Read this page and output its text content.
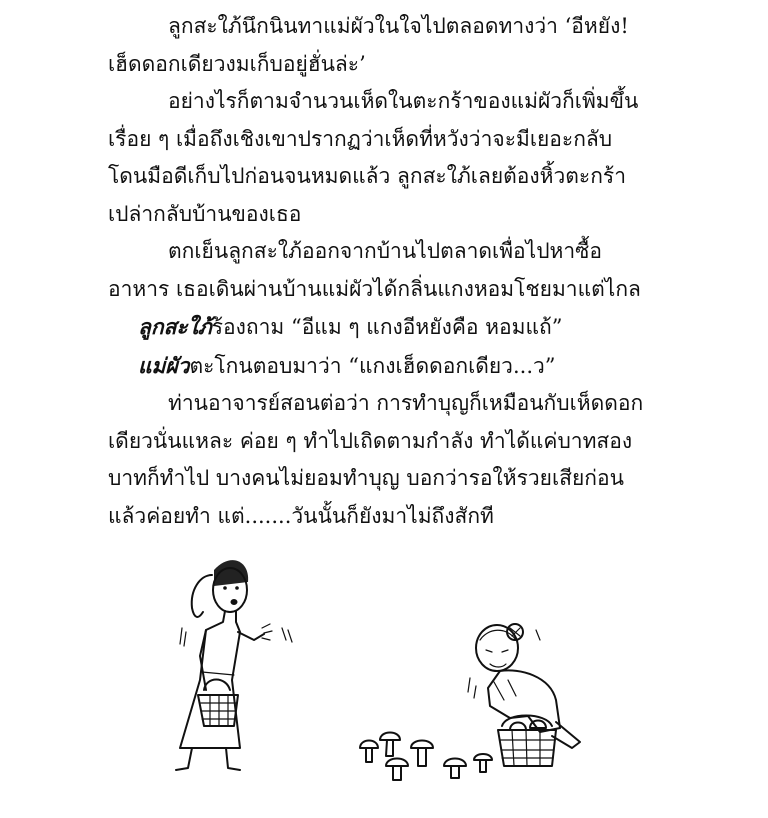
ลูกสะใภ้นึกนินทาแม่ผัวในใจไปตลอดทางว่า ‘อีหยัง!
เฮ็ดดอกเดียวงมเก็บอยู่ฮั่นล่ะ’

อย่างไรก็ตามจำนวนเห็ดในตะกร้าของแม่ผัวก็เพิ่มขึ้น
เรื่อย ๆ เมื่อถึงเชิงเขาปรากฏว่าเห็ดที่หวังว่าจะมีเยอะกลับ
โดนมือดีเก็บไปก่อนจนหมดแล้ว ลูกสะใภ้เลยต้องหิ้วตะกร้า
เปล่ากลับบ้านของเธอ

ตกเย็นลูกสะใภ้ออกจากบ้านไปตลาดเพื่อไปหาซื้อ
อาหาร เธอเดินผ่านบ้านแม่ผัวได้กลิ่นแกงหอมโชยมาแต่ไกล

ลูกสะใภ้ร้องถาม “อีแม ๆ แกงอีหยังคือ หอมแถ้”

แม่ผัวตะโกนตอบมาว่า “แกงเฮ็ดดอกเดียว...ว”

ท่านอาจารย์สอนต่อว่า การทำบุญก็เหมือนกับเห็ดดอก
เดียวนั่นแหละ ค่อย ๆ ทำไปเถิดตามกำลัง ทำได้แค่บาทสอง
บาทก็ทำไป บางคนไม่ยอมทำบุญ บอกว่ารอให้รวยเสียก่อน
แล้วค่อยทำ แต่.......วันนั้นก็ยังมาไม่ถึงสักที
